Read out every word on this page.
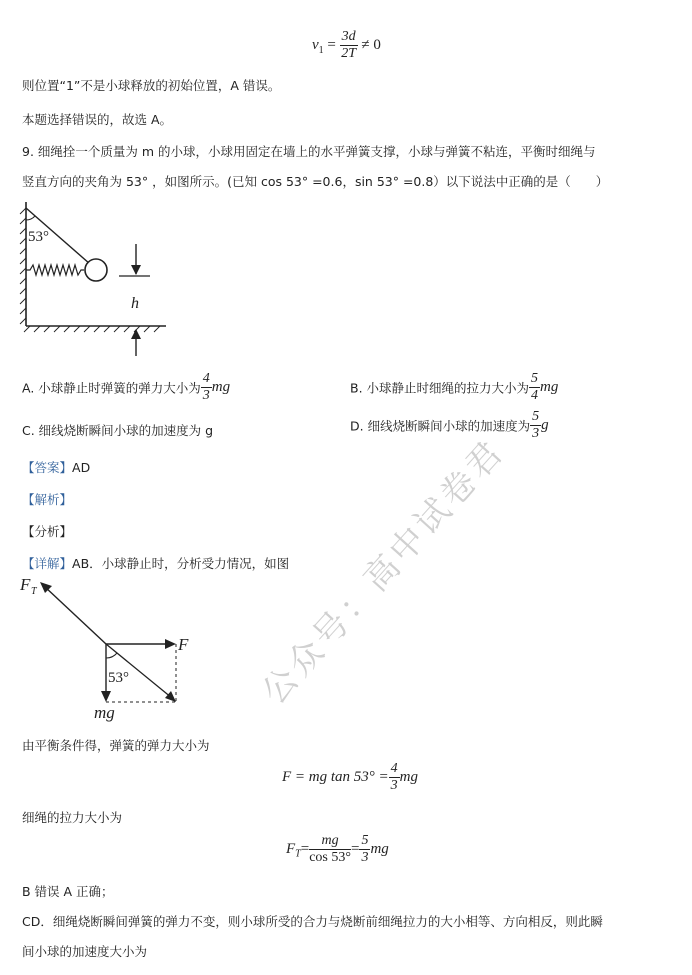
$v_1 = \frac{3d}{2T} \ne 0$
则位置“1”不是小球释放的初始位置，A 错误。
本题选择错误的，故选 A。
9. 细绳拴一个质量为 m 的小球，小球用固定在墙上的水平弹簧支撑，小球与弹簧不粘连，平衡时细绳与
竖直方向的夹角为 53° ，如图所示。(已知 cos 53° =0.6，sin 53° =0.8）以下说法中正确的是（　　）
53°
h
A. 小球静止时弹簧的弹力大小为 $\frac{4}{3}$ mg	B. 小球静止时细绳的拉力大小为 $\frac{5}{4}$ mg
C. 细线烧断瞬间小球的加速度为 g	D. 细线烧断瞬间小球的加速度为 $\frac{5}{3}$ g
【答案】AD
【解析】
【分析】
【详解】AB．小球静止时，分析受力情况，如图
F T
F
mg
53°	公众号：高中试卷君
由平衡条件得，弹簧的弹力大小为
F = mg $\tan 53^\circ = \frac{4}{3}$ mg
细绳的拉力大小为
$F_T= \frac{mg}{\cos 53^\circ} = \frac{5}{3}$ mg
B 错误 A 正确；
CD．细绳烧断瞬间弹簧的弹力不变，则小球所受的合力与烧断前细绳拉力的大小相等、方向相反，则此瞬
间小球的加速度大小为
